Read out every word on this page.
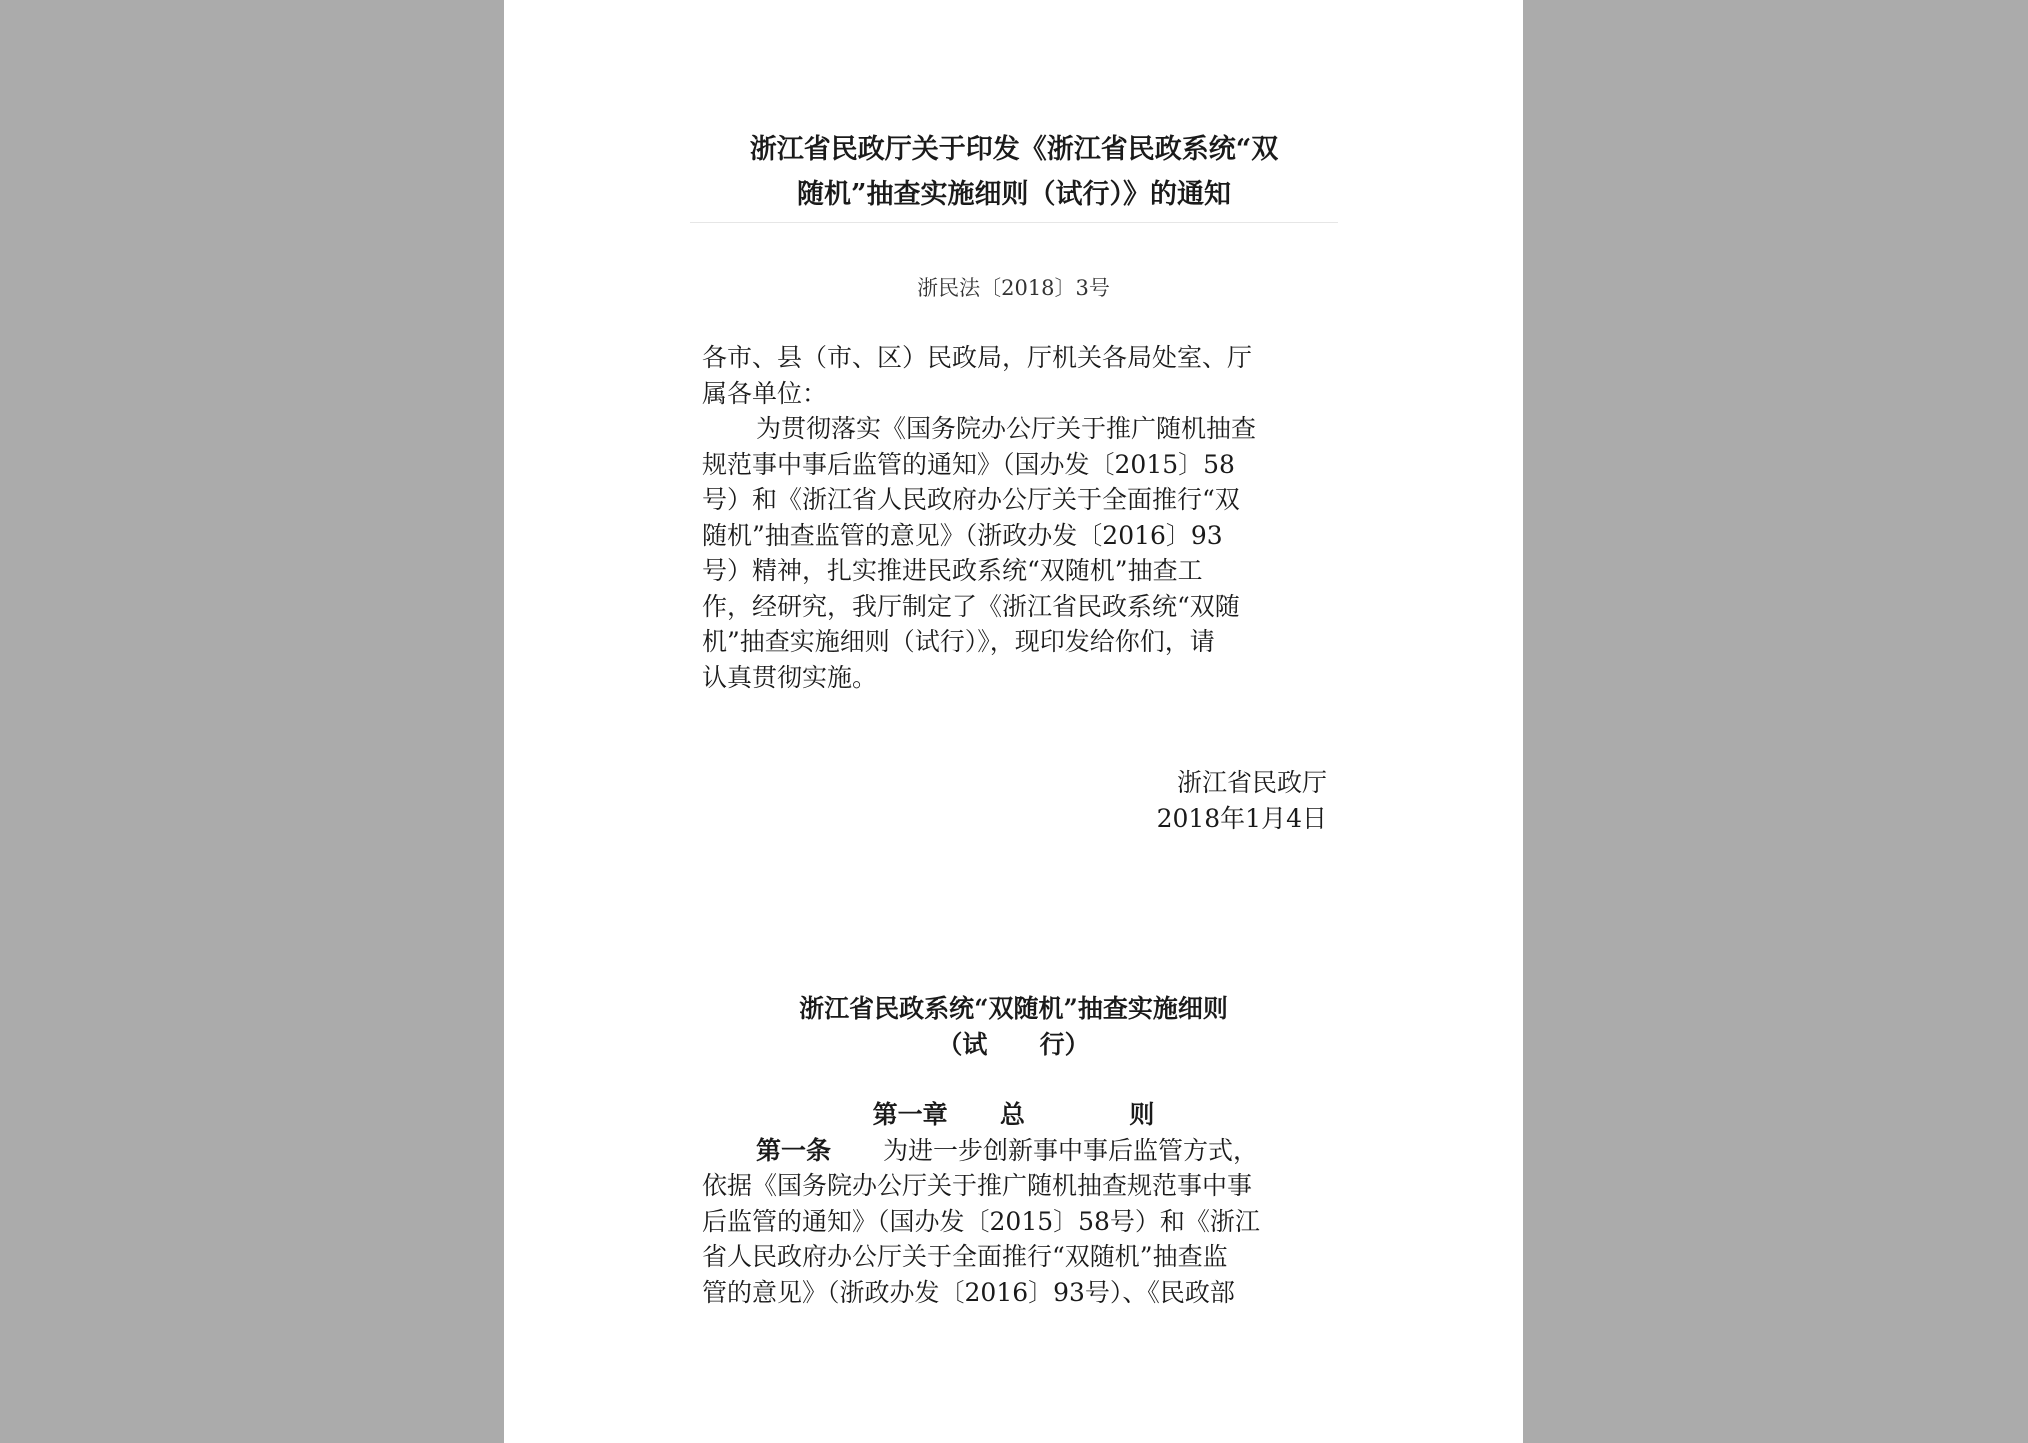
浙江省民政厅关于印发《浙江省民政系统“双
随机”抽查实施细则（试行）》的通知
浙民法〔2018〕3号
各市、县（市、区）民政局，厅机关各局处室、厅
属各单位：
为贯彻落实《国务院办公厅关于推广随机抽查
规范事中事后监管的通知》（国办发〔2015〕58
号）和《浙江省人民政府办公厅关于全面推行“双
随机”抽查监管的意见》（浙政办发〔2016〕93
号）精神，扎实推进民政系统“双随机”抽查工
作，经研究，我厅制定了《浙江省民政系统“双随
机”抽查实施细则（试行）》，现印发给你们，请
认真贯彻实施。
浙江省民政厅
2018年1月4日
浙江省民政系统“双随机”抽查实施细则
（试      行）
第一章      总            则
第一条 为进一步创新事中事后监管方式，
依据《国务院办公厅关于推广随机抽查规范事中事
后监管的通知》（国办发〔2015〕58号）和《浙江
省人民政府办公厅关于全面推行“双随机”抽查监
管的意见》（浙政办发〔2016〕93号）、《民政部
